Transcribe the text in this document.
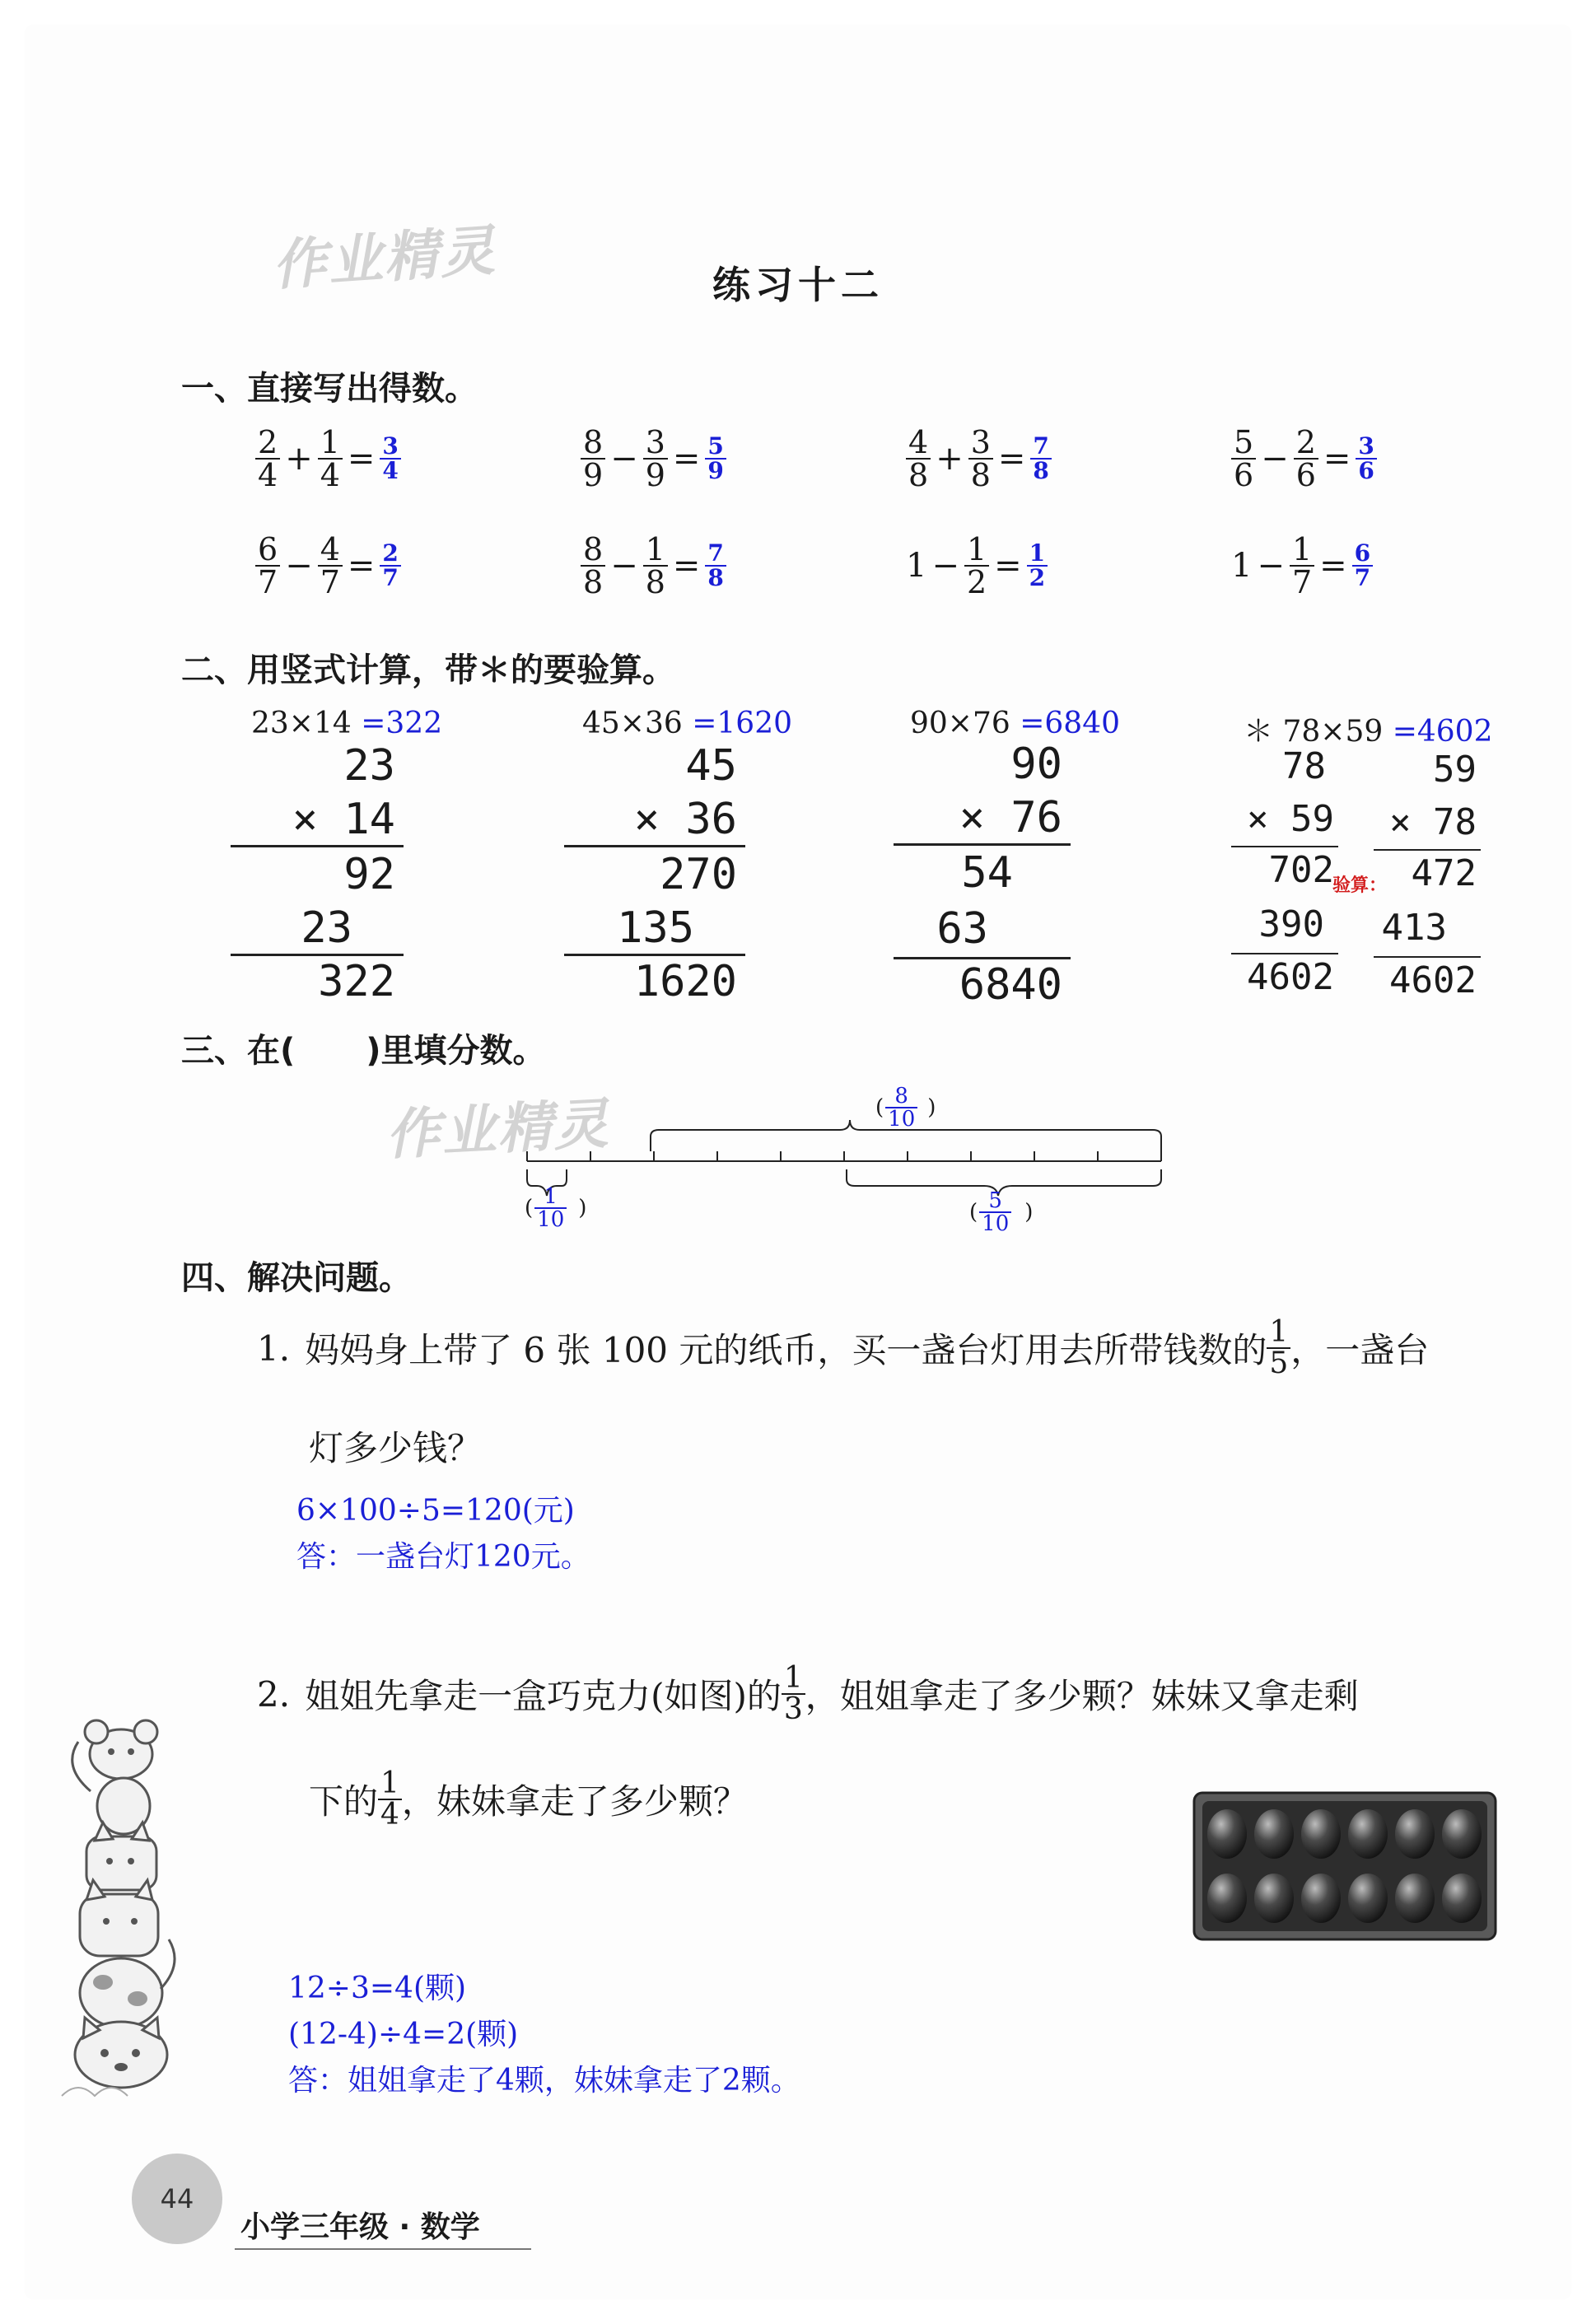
作业精灵
作业精灵
练习十二
一、直接写出得数。
$\frac{2}{4} + \frac{1}{4} = \frac{3}{4}$	$\frac{8}{9} - \frac{3}{9} = \frac{5}{9}$	$\frac{4}{8} + \frac{3}{8} = \frac{7}{8}$	$\frac{5}{6} - \frac{2}{6} = \frac{3}{6}$
$\frac{6}{7} - \frac{4}{7} = \frac{2}{7}$	$\frac{8}{8} - \frac{1}{8} = \frac{7}{8}$	$1 - \frac{1}{2} = \frac{1}{2}$	$1 - \frac{1}{7} = \frac{6}{7}$
二、用竖式计算，带＊的要验算。
23×14 =322
23
× 14
92
23
322
45×36 =1620
45
× 36
270
135
1620
90×76 =6840
90
× 76
54
63
6840
＊ 78×59 =4602
78
× 59
702
390
4602
验算：
59
× 78
472
413
4602
三、在( )里填分数。
( $\frac{8}{10}$ )
( $\frac{1}{10}$ )	( $\frac{5}{10}$ )
四、解决问题。
1. 妈妈身上带了 6 张 100 元的纸币，买一盏台灯用去所带钱数的 $\frac{1}{5}$ ，一盏台
灯多少钱？
6×100÷5=120(元)
答：一盏台灯120元。
2. 姐姐先拿走一盒巧克力(如图)的 $\frac{1}{3}$ ，姐姐拿走了多少颗？妹妹又拿走剩
下的 $\frac{1}{4}$ ，妹妹拿走了多少颗？
12÷3=4(颗)
(12-4)÷4=2(颗)
答：姐姐拿走了4颗，妹妹拿走了2颗。
44
小学三年级 · 数学
